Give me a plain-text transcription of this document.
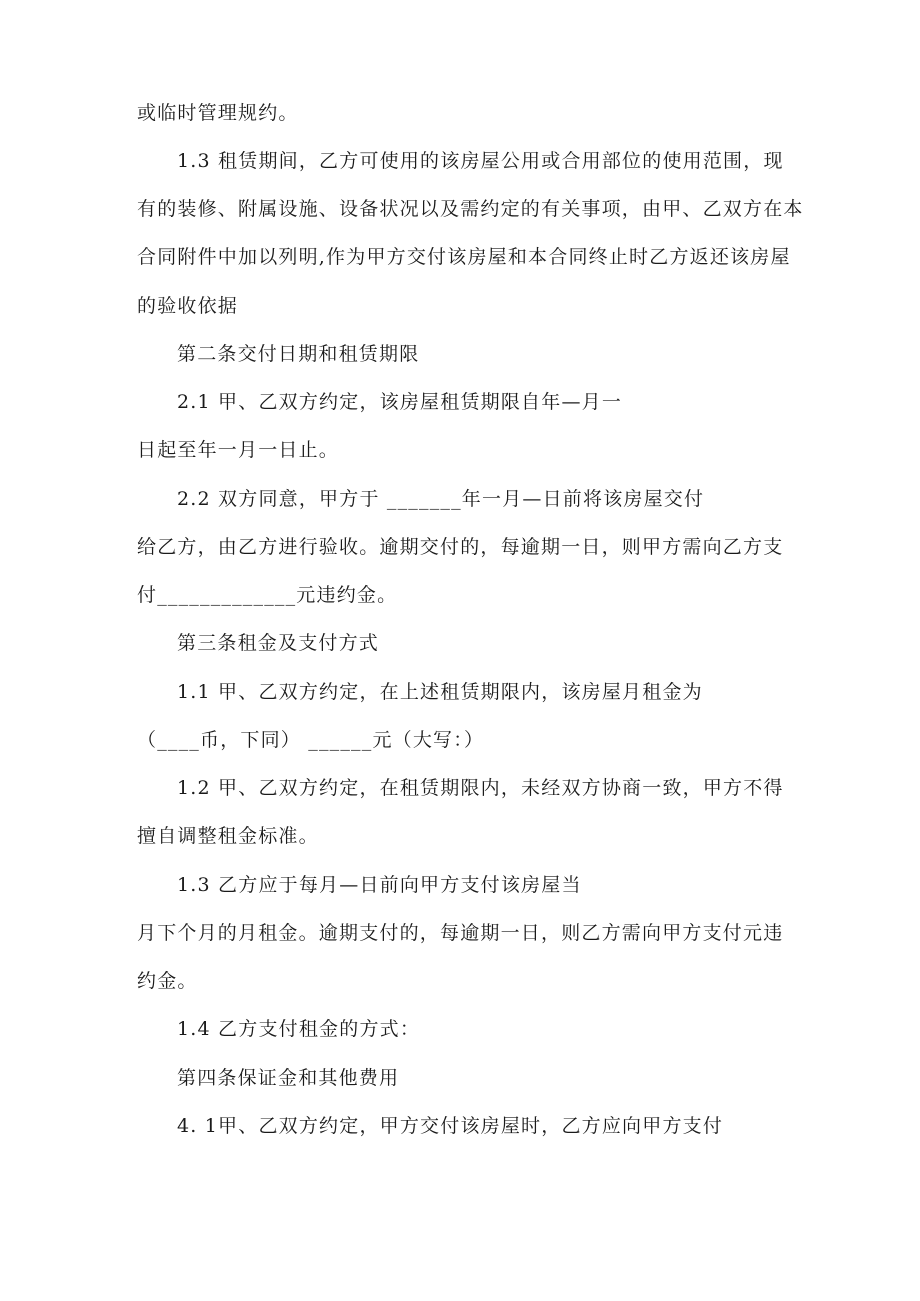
或临时管理规约。
1.3 租赁期间，乙方可使用的该房屋公用或合用部位的使用范围，现
有的装修、附属设施、设备状况以及需约定的有关事项，由甲、乙双方在本
合同附件中加以列明,作为甲方交付该房屋和本合同终止时乙方返还该房屋
的验收依据
第二条交付日期和租赁期限
2.1 甲、乙双方约定，该房屋租赁期限自年—月一
日起至年一月一日止。
2.2 双方同意，甲方于 _______年一月—日前将该房屋交付
给乙方，由乙方进行验收。逾期交付的，每逾期一日，则甲方需向乙方支
付_____________元违约金。
第三条租金及支付方式
1.1 甲、乙双方约定，在上述租赁期限内，该房屋月租金为
（____币，下同） ______元（大写：）
1.2 甲、乙双方约定，在租赁期限内，未经双方协商一致，甲方不得
擅自调整租金标准。
1.3 乙方应于每月—日前向甲方支付该房屋当
月下个月的月租金。逾期支付的，每逾期一日，则乙方需向甲方支付元违
约金。
1.4 乙方支付租金的方式：
第四条保证金和其他费用
4. 1甲、乙双方约定，甲方交付该房屋时，乙方应向甲方支付
